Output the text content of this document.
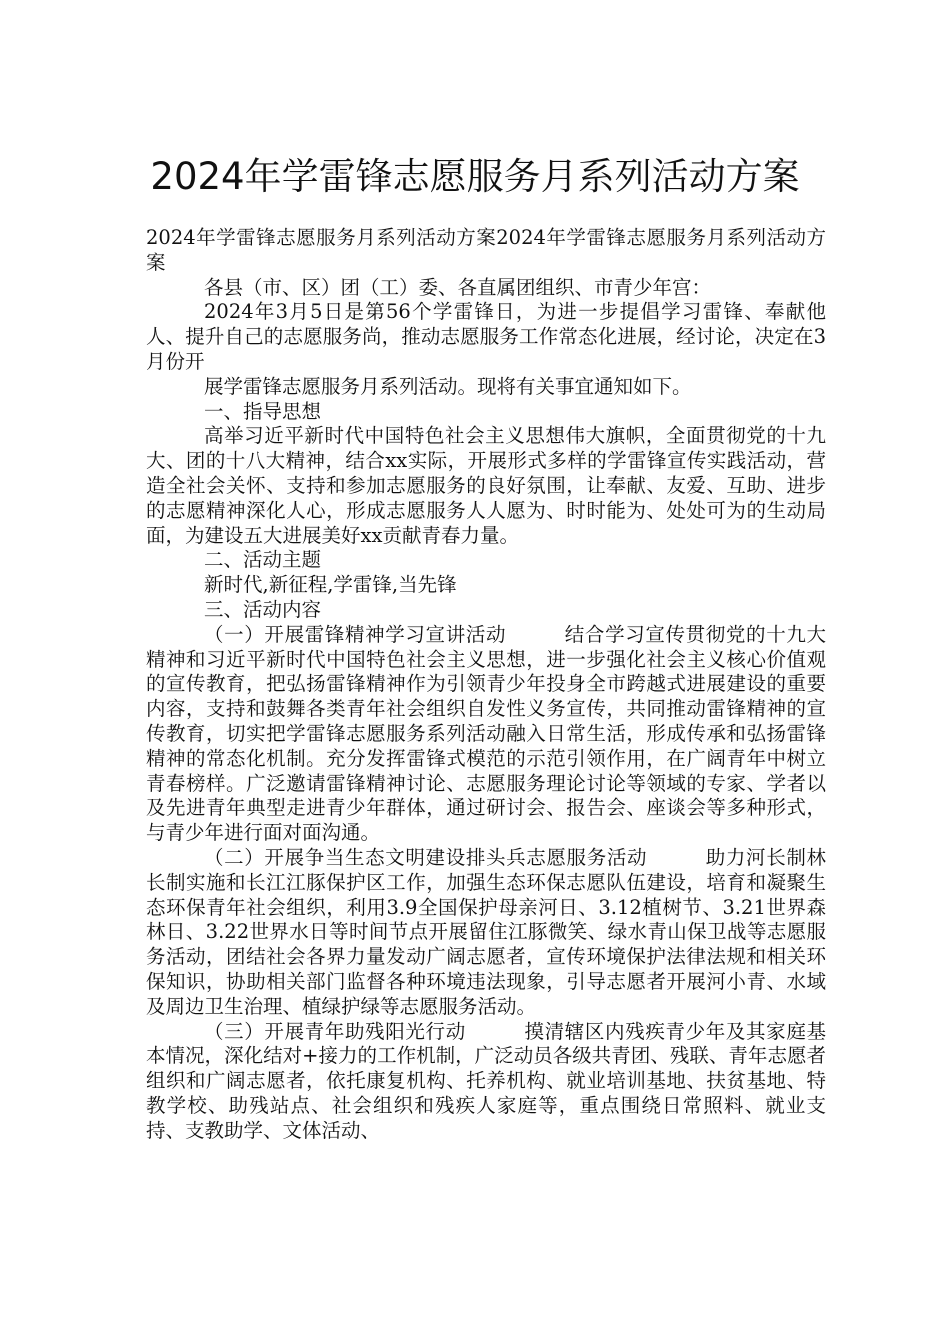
2024年学雷锋志愿服务月系列活动方案

2024年学雷锋志愿服务月系列活动方案2024年学雷锋志愿服务月系列活动方案

各县（市、区）团（工）委、各直属团组织、市青少年宫：

2024年3月5日是第56个学雷锋日，为进一步提倡学习雷锋、奉献他人、提升自己的志愿服务尚，推动志愿服务工作常态化进展，经讨论，决定在3月份开

展学雷锋志愿服务月系列活动。现将有关事宜通知如下。

一、指导思想

高举习近平新时代中国特色社会主义思想伟大旗帜，全面贯彻党的十九大、团的十八大精神，结合xx实际，开展形式多样的学雷锋宣传实践活动，营造全社会关怀、支持和参加志愿服务的良好氛围，让奉献、友爱、互助、进步的志愿精神深化人心，形成志愿服务人人愿为、时时能为、处处可为的生动局面，为建设五大进展美好xx贡献青春力量。

二、活动主题

新时代,新征程,学雷锋,当先锋

三、活动内容

（一）开展雷锋精神学习宣讲活动	结合学习宣传贯彻党的十九大精神和习近平新时代中国特色社会主义思想，进一步强化社会主义核心价值观的宣传教育，把弘扬雷锋精神作为引领青少年投身全市跨越式进展建设的重要内容，支持和鼓舞各类青年社会组织自发性义务宣传，共同推动雷锋精神的宣传教育，切实把学雷锋志愿服务系列活动融入日常生活，形成传承和弘扬雷锋精神的常态化机制。充分发挥雷锋式模范的示范引领作用，在广阔青年中树立青春榜样。广泛邀请雷锋精神讨论、志愿服务理论讨论等领域的专家、学者以及先进青年典型走进青少年群体，通过研讨会、报告会、座谈会等多种形式，与青少年进行面对面沟通。

（二）开展争当生态文明建设排头兵志愿服务活动	助力河长制林长制实施和长江江豚保护区工作，加强生态环保志愿队伍建设，培育和凝聚生态环保青年社会组织，利用3.9全国保护母亲河日、3.12植树节、3.21世界森林日、3.22世界水日等时间节点开展留住江豚微笑、绿水青山保卫战等志愿服务活动，团结社会各界力量发动广阔志愿者，宣传环境保护法律法规和相关环保知识，协助相关部门监督各种环境违法现象，引导志愿者开展河小青、水域及周边卫生治理、植绿护绿等志愿服务活动。

（三）开展青年助残阳光行动	摸清辖区内残疾青少年及其家庭基本情况，深化结对+接力的工作机制，广泛动员各级共青团、残联、青年志愿者组织和广阔志愿者，依托康复机构、托养机构、就业培训基地、扶贫基地、特教学校、助残站点、社会组织和残疾人家庭等，重点围绕日常照料、就业支持、支教助学、文体活动、
